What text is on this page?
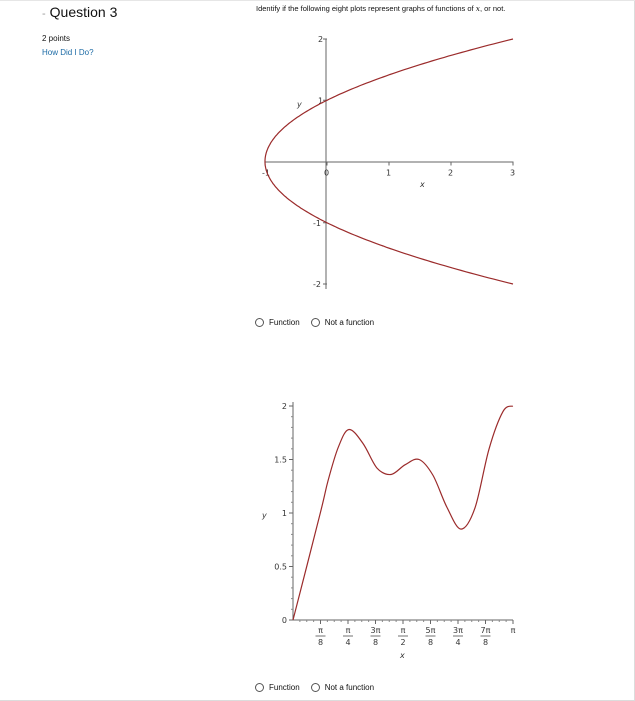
- Question 3
2 points
How Did I Do?
Identify if the following eight plots represent graphs of functions of x, or not.
-1	0	1	2	3
2
1
-1
-2
x
y
Function	Not a function
π
8
π
4
3π
8
π
2
5π
8
3π
4
7π
8
π
2
1.5
1
0.5
0
x
y
Function	Not a function
